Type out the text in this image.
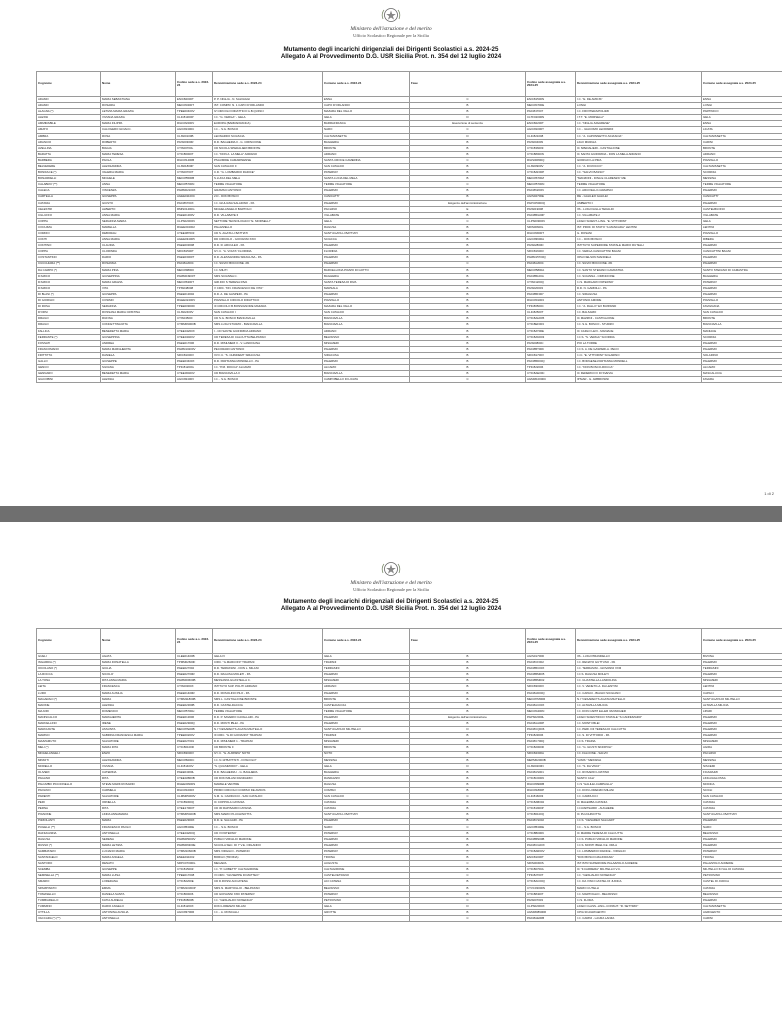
Ministero dell'istruzione e del merito
Ufficio Scolastico Regionale per la Sicilia
Mutamento degli incarichi dirigenziali dei Dirigenti Scolastici a.s. 2024-25
Allegato A al Provvedimento D.G. USR Sicilia Prot. n. 354 del 12 luglio 2024
Cognome	Nome	Codice sede a.s. 2023-24	Denominazione sede a.s. 2023-24	Comune sede a.s. 2023-24	Fase	Codice sede assegnata a.s. 2024-25	Denominazione sede assegnata a.s. 2024-25	Comune sede assegnata a.s. 2024-25
ADAMO	MARIA SEBASTIANA	ENIC82000T	P. P. NIGLIA - N. SALVAGGI	ENNA	C	ENIC81500N	I.C. "E. DE AMICIS"	ENNA
ADAMO	ROSARIA	MEIC83400T	IST. COMPR. N. 1 CAPO D'ORLANDO	CAPO D'ORLANDO	B	MEIC84700E	LONGI	LONGI
ALAGNA (*)	LETIZIA MARIA GRAZIA	TPEE00400V	IV CIRCOLO DIDATTICO G.B.QUINCI	MAZARA DEL VALLO	B	PAIC847007	I.C. FRIVITERA/POLIZZI	PARTINICO
ALESSI	VIVIANA GRAZIA	CLIC81300P	I.C. "G. VERGA" - GELA	GELA	D	CLTF02000N	I.T.T. "E. MORSELLI"	GELA
AMMIRABILE	MARIA FILIPPA	RGIC82200V	EUROPA (BARRAFRANCA)	BARRAFRANCA	Esecuzione di sentenza	ENIC82200T	I.C. "NIGLIA-SAVARESE"	ENNA
AMATO	CALOGERO GIOACC.	AGIC81300C	I.C. - S.G. BOSCO	NARO	C	AGIC81000T	I.C. - GIACOMO LEOPARDI	LICATA
AMBRA	ROSA	CLIS00100B	LEONARDO SCIASCIA	CALTANISSETTA	D	CLIC821008	I.C. "A. CAPONNETTO-SCIASCIA"	CALTANISSETTA
ARANCIO	ROBERTO	PAIS00300R	D.D. BAGHERIA II - G. CIRINCIONE	BAGHERIA	B	PAIS004009	LIGO MURGIA	CARINI
AVELLINA	BIAGIA	CTIS00700L	CD NICOLA SPEDALIERI BRONTE	BRONTE	B	CTIC836009	IC SPEDALIERI - CASTIGLIONE	BRONTE
BARATTA	MARIA TERESA	CTIC86000T	I.C. "DON A. LA MELA" ADRANO	ADRANO	B	CTIC88000N	IC SANTA GIUFFRIDA - DON LA MELA ADRANO	ADRANO
BARBERA	PAOLA	RGIC81400B	PSAUMIDE CAMARINENSE	SANTA CROCE CAMERINA	C	RGIS00800Q	GIORGIO LA PIRA	POZZALLO
BELVEDERE	ALESSANDRA	CLIS01800P	SAN CATALDO II	SAN CATALDO	B	CLIS00900V	I.C. "A. DI ROCCO"	CALTANISSETTA
BONIFACE (*)	VALERIA MARIA	CTIS00700T	C.D. "G. LOMBARDO RADICE"	PATERNO'	B	CTIC8AF00P	I.C. "SALVO BASSO"	SCORDIA
BONARDELLI	MICHELE	MEIC85500B	S.LUCIA DEL MELA	SANTA LUCIA DEL MELA	B	MEIC86700Z	"MANZONI - DINA E CLARENZA" ME	MESSINA
CALABRO' (**)	ANNA	MEIC85700N	TERME VIGLIATORE	TERME VIGLIATORE	C	MEIC85700N	TERME VIGLIATORE	TERME VIGLIATORE
CALECA	VINCENZA	PAMM02100X	GRAMSCI ANTONIO	PALERMO	B	PAIC86200N	I.C. ARCIVELLO-GRAMSCI	PALERMO
CARTELLA	GIUSEPPA	AGEE01100C	2.D - DON BOSCO	CANICATTI'	B	AGIS02700E	RE - GALILEO GALILEI	CANICATTI'
CATANIA	GIUSTO	PAIC86700X	I.C. GIULIANA SALADINO - PA	PALERMO	Esigenze dell'amministrazione	PAPC05000Q	UMBERTO I	PALERMO
CELESTRI	ALBERTO	RMIS01400G	MICHELANGELO BARTOLO	PACHINO	E	PAIS019008	IIS - LUIGI FAILLA TEDALDI	CASTELBUONO
CILLUFFO	ANNA MARIA	PAEE01300V	D.D. VILLABATE II	VILLABATE	B	PAIC8BG00P	I.C. VILLABATE 2	VILLABATE
COPPA	SERAFINA MARIA	CLPS02000N	SETTORE TECNOLOGICO "E. MORSELLI"	GELA	C	CLPS00900N	LICEO SCIENT.-LING. "E. VITTORINI"	GELA
COCUZZA	MARIELLA	RGEE004002	PALAZZELLO	RAGUSA	B	SRIS00600L	IST. PROF. DI STATO "A.MANCADA" LENTINI	LENTINI
CORDIO	DEBORAH	CTEE087003	CD S. AGATA LI BATTIATI	SANT'AGATA LI BATTIATI	B	RGIC83000T	G. ROSANI	POZZALLO
CONTI	ANNA MARIA	AGEE034005	DD CIRCOLO - GIOVANNI XXIII	SCIACCA	B	AGIC83600A	I.C. - DON BOSCO	RIBERA
CONTINO	CLAUDIA	PAEE003008	D.D. R. ARCULEO - PA	PALERMO	B	PAIS02800D	ISTITUTO SUPERIORE STATALE MARIO RUTELLI	PALERMO
COPPA	CLORINDA	SRIC81500T	IV I.C. "A. VOLTA" FLORIDIA	FLORIDIA	B	SRIC816003	I.C. VERGA CANICATTINI BAGNI	CANICATTINI BAGNI
COSTANTINO	DARIO	PAEE03000T	D.D. ALESSANDRA SIRAGUSA - PA	PALERMO	B	PAMM15700Q	OPAI NELSON MANDELA	PALERMO
CUCCHIARA (**)	ROSANNA	PAIC8A2004	I.C. SILVIO BOCCONE -PA	PALERMO	C	PAIC8A2004	I.C. SILVIO BOCCONE -PA	PALERMO
DA CAMPO (*)	MARIA PINA	MEIC898000	I.C. MILITI	BARCELLONA POZZO DI GOTTO	B	MEIC85800A	I.C. SANTO STEFANO CAMASTRA	SANTO STEFANO DI CAMASTRA
D'AMICO	GIUSEPPINA	PAMM04900T	SMS SCIANNA C.	BAGHERIA	B	PAIC8BL00A	I.C. SCIANNA - CIRINCIONE	BAGHERIA
D'AMICO	MARIA GRAZIA	MEIC86300T	IHR.DIO S.TERESA RIVA	SANTA TERESA DI RIVA	B	CTIS01200Q	I.I.S. MARGARO PATERNO'	PATERNO'
D'AMICO	VITA	TPIS048008	V CIRC. "DN. FRANCESCO DE VITA"	MARSALA	B	PAIS020003	D.D. N. GARDILLI - PA	PALERMO
DI BLASI (*)	GIUSEPPA	PAEE013002	D.D. A. DE GASPERI - PA	PALERMO	B	PAIC8BF007	I.C. SIRAGUSA	PALERMO
DI GIORGIO	COSIMO	RGEE02400V	POZZALLO CIRCOLO DIDATTICO	POZZALLO	B	RGIC801003	ANTONIO AMORE	POZZALLO
DI ROSA	SERAFINA	TPEE00900D	III CIRCOLO B.BONSIGNORE MAZARA	MAZARA DEL VALLO	B	TPIC80500C	I.C. "A. RALLO" EX B.RIPAND	FAVIGNANA
D'ORSI	ROSSANA MARIA CRISTINA	CLIS02400V	SAN CATALDO I	SAN CATALDO	B	CLIC82500T	I.C. BALSAMO	SAN CATALDO
DRAGO	RUFINA	CTIS04500I	CD S.G. BOSCO BIANCAVILLA	BIANCAVILLA	B	CTIC8AH005	IC MAZZINI - CASTIGLIONE	BRONTE
DRAGO	CONCETTINA RITA	CTMM09000B	SMS LUIGI STURZO - BIANCAVILLA	BIANCAVILLA	B	CTIC8EF003	I.C. S.G. BOSCO - STURZO	BIANCAVILLA
FALLICA	BENEDETTA MARIA	CTEE04200X	I - CD SANTE GIUFFRIDA ADRANO	ADRANO	B	CTIC8AT00E	IC CARLO LEVI - MANIACE	MANIACE
FERRANTE (*)	GIUSEPPINA	CTEE04400V	CD TERESA DI CALCUTTA BELPASSO	BELPASSO	B	CTIC8AN003	I.C.S. "S. VERGA" SCORDIA	SCORDIA
FOSSATI	ANDREA	PAEE017006	D.D. MISILMERI II - V. LANDOLINA	MISILMERI	B	PAIS00800C	PIO LA TORRE	PALERMO
FRANCOMANO	MARIA MARGHERITA	PAMM10200V	PECORARO ANTONIO	PALERMO	B	PAIC8BT009	I.C.S. A. DE GASPERI-A. PECO	PALERMO
FRITTITTA	DANIELA	SRIC81000V	XVI I.C. "S. CHINDEMI" SIRACUSA	SIRACUSA	B	SRIC81700V	I.I.C. "E. VITTORINI" SOLARINO	SOLARINO
GALLO	GIUSEPPE	PAEE03400X	D.D. PARTANNA MONDELLO - PA	PALERMO	B	PAIC8BD00Q	I.C. BORGESE-PARTANNA MONDELL	PALERMO
GENCO	SILVANA	TPIC81200G	I.C. "P.M. ROCCA" ALCAMO	ALCAMO	B	TPIC822006	I.C. "DON BOSCO-ROCCA"	ALCAMO
GENNARO	BENEDETTA MARIA	CTEE06400V	CD BIANCAVILLA II	BIANCAVILLA	B	CTIC8AE00C	IC FEDERICO II DI SVEVIA	MASCALUCIA
GIACOBINI	ALESSIA	AGIC82400V	I.C. - S.G. BOSCO	CAMPOBELLO DI LICATA	C	AGMM10000C	IPSIAR - G. AMBROSINI	FAVARA
1 di 2
Ministero dell'istruzione e del merito
Ufficio Scolastico Regionale per la Sicilia
Mutamento degli incarichi dirigenziali dei Dirigenti Scolastici a.s. 2024-25
Allegato A al Provvedimento D.G. USR Sicilia Prot. n. 354 del 12 luglio 2024
Cognome	Nome	Codice sede a.s. 2023-24	Denominazione sede a.s. 2023-24	Comune sede a.s. 2023-24	Fase	Codice sede assegnata a.s. 2024-25	Denominazione sede assegnata a.s. 2024-25	Comune sede assegnata a.s. 2024-25
GUELI	AGATA	CLEE01400B	GELA IV	GELA	B	AGIS01700D	IIS - LUIGI PIRANDELLO	BIVONA
INGARDIA (*)	MARIA DONATELLA	TPMM02600F	CIRC. "G.MARCONI" TRAPANI	TRAPANI	B	PAIC8CF002	I.C. RENATO GUTTUSO - PA	PALERMO
IOCOLANO (*)	GIULIA	PAEE027002	D.D. TERRASINI - DON L. MILANI	TERRASINI	B	PAIC8BC00X	I.C. TERRASINI - GIOVANNI XXIII	TERRASINI
LA ROCCA	NICOLO'	PAEE02700R	D.D. RAGUSA MOLETI - PA	PALERMO	B	PAIC8BM005	I.C.S. RAGUSA MOLETI	PALERMO
LA TONA	RITA ANNA MARIA	PAMM00600B	MESSANNI-GUASTELLA C.	MISILMERI	B	PAIC8BM002	I.C. GUASTELLA-LANDOLINA	MISILMERI
LEITA	FRANCESCA	CTIS00300X	ISTITUTO SUP. POLITI ADRANO	ADRANO	B	SRIC83000X	I.C. V. VENETO-A. DA LENTINI	LENTINI
LURO	MARIA AUSILIA	PAEE01400R	D.D. ROSOLINO PILO - PA	PALERMO	B	PAIC8AD00Q	I.C. CAPACI - BIAGIO SICILIANO	CAPACI
MAGARACI (*)	MARIA	CTMM11800B	SMS L. CASTIGLIONE BRONTE	BRONTE	B	MEIC87M00R	N.I "CESAREO"S.AGATA MILITELLO	SANT'AGATA DI MILITELLO
MAIONE	ALESSIA	PAEE02300B	D.D. CASTELDACCIA	CASTELDACCIA	B	PAIC8AC00X	I.C. ALTAVILLA MILICIA	ALTAVILLA MILICIA
MAJURI	DOMENICO	MEIC85700H	TERME VIGLIATORE	TERME VIGLIATORE	B	MEIC84400N	I.C. DON CAPPI ELLER VANNICHER	LIPARI
MANISCALCO	MARGHERITA	PAEE013006	D.D. P. SAVERIO CAVALLARI - PA	PALERMO	Esigenze dell'amministrazione	PAPS02000L	LICEO SCIENTIFICO STATALE "S.CANNIZZARO"	PALERMO
MARCELLINO	IRENE	PAEE02900Q	D.D. MONTI IBLEI - PA	PALERMO	B	PAIC8AA00P	I.C. MONTI IBLEI	PALERMO
MARCIANTE	ASSUNTA	MEIC87E00B	N.I "CESAREO"S.AGATA MILITELLO	SANT'AGATA DI MILITELLO	D	PAIC8CQ006	I.C. PERI.I DI TERESA DI CALCUTTA	PALERMO
MARINO	SABRINA FRANCESCA MARIA	TPEE00200V	III CIRC. "G.DI GIOVANNI" TRAPANI	TRAPANI	B	TPIC823006	I.C. S. DI VITTORIO - PA	PALERMO
MAZZAMUTO	SALVATORE	PAEE027001	D.D. MISILMERI 1 - TRAPANI	MISILMERI	B	PAIC8C700Q	I.C.S. TRAINA	MISILMERI
MELI (*)	MARIA RITA	CTIC80100R	CD BRONTE II	BRONTE	B	CTIC82000R	I.C. "G. GIUSTI SINOPOLI"	AGIRA
MICHELANGELI	ENZO	SRIC83000V	IV I.C. "G. AURISPA" NOTO	NOTO	B	SRIC84300A	I.C. FALCONE - SALVO	PACHINO
MINNITI	ALESSANDRA	MEIC88200C	I.C. N.13"BATTISTI - FOSCOLO"	MESSINA	B	MEPM02000B	"AINIS " MESSINA	MESSINA
MORELLO	VIVIANA	CLIC81400V	"S. QUASIMODO" - GELA	GELA	D	CLIS00200N	I.C. "S. DA VINCI"	NISCEMI
OLIVERI	CATERINA	PAEE04300L	D.D. BAGHERIA I - G. BAGHERA	BAGHERIA	B	PAIC8AS001	I.C. ROSARIO LIVATINO	FICARAZZI
PAGANO	RITA	CTEE02800B	CD DON MILANI RANDAZZO	RANDAZZO	B	CTIC8C0009	SANTO CALI'	LINGUAGLOSSA
PALUMBO PICCIONELLO	STEVE MARK ROSARIO	RGEE00900S	MARIELE VENTRE	RAGUSA	B	RGIC80900B	I.I.S "GALILEI-CAMPAILLA"	MODICA
PAOLINO	CARMELA	RGIC81000X	PRIMO CIRCOLO COMISO DE AMICIS	COMISO	B	RGIC81800P	I.C. DON LORENZO MILANI	SCICLI
PARENTI	SALVATORE	CLMM05000V	S.M. G. CARDUCCI - SAN CATALDO	SAN CATALDO	C	CLIC816003	I.C. CARDUCCI	SAN CATALDO
PERI	ORNELLA	CTIC89300Q	IC COPPOLA CATANIA	CATANIA	B	CTIC8AB004	IC MALERBA CATANIA	CATANIA
PERNA	RITA	CTEE17000T	CD 30 RAPISARDI CATANIA	CATANIA	B	CTIC81900P	I.C.RAPISARDI - AUGHERE	CATANIA
PIGNONE	LINDA ANNAMARIA	CTMM05400B	SMS MARIO PLUCHINOTTA	SANT'AGATA LI BATTIATI	B	CTIC86100Q	IC PLUCHINOTTA	SANT'AGATA LI BATTIATI
PIZZOLANTI	MARIA	PAEE02900X	D.D. E. SALGARI - PA	PALERMO	B	PAIC8CS002	I.C.S. "CESAREO SALGARI"	PALERMO
PUGELLI (**)	FRANCESCO PAOLO	AGIC85300E	I.C. - S.G. BOSCO	NARO	C	AGIC85300E	I.C. - S.G. BOSCO	NARO
RAFFAGNINA	ANTONELLA	CTEE04200Q	CD VI PATERNO'	PATERNO'	B	CTIC8B0009	IC MADRE TERESA DI CALCUTTA	BELPASSO
RAGUSA	SERENA	PAMM05000V	PUBLIO VIRGILIO MARONE	PALERMO	B	PAIC8BN00B	I.C.S. PUBLIO VIRGILIO MARONE	PALERMO
RUSSO (*)	MARIA LETIZIA	PAMM06300E	SCUOLA SEC. DI I° V.E. ORLANDO	PALERMO	B	PAIC8CG00X	I.C.S. MONTI IBLEI-V.E. ORLA	PALERMO
SAMBATARO	LUCIANO MARIA	CTMM10600B	SMS VIRGILIO - PATERNO	PATERNO'	B	CTIC8AR00V	I.C. LOMBARDO RADICE - VIRGILIO	PATERNO'
SANTANGELO	MARIA ANGELA	ENEE011002	BORGO (TROINA)	TROINA	B	ENIC81000T	"DON BOSCO-MAJORANA"	TROINA
SANTORO	RENATO	SRPC07000G	MEGARA	AUGUSTA	C	SRIS00300S	IST.ISTR.SUPERIORE PALAZZOLO ACREIDE	PALAZZOLO ACREIDE
SCEMBA	GIUSEPPE	CTIC81500Z	I.C. "P. GOBETTI" CALTAGIRONE	CALTAGIRONE	B	CTIC80700A	IC "F.CARRERA" MILITELLO V.C.	MILITELLO IN VAL DI CATANIA
SEMINELLA (**)	MARIA LUISA	TPEE017008	VI CIRC. "GIUSEPPE DI MATTEO"	CASTELVETRANO	C	TPIC82700T	I.C. "GESUALDO NOSENGO"	PETROSINO
SMARIO	LOREDANA	CTIC82200E	CD D.ROSSI ACICATENA	ACI CATENA	B	CTIC8AC00Q	I.C. DA VINCI CASTEL DI JUDICA	CASTEL DI JUDICA
SPAMPINATO	EMMA	CTMM10300P	SMS N. MARTOGLIO - BELPASSO	BELPASSO	B	CTVC03000N	MARIO CUTELLI	CATANIA
TOMASELLO	DANIELA SANTA	CTIC860006	CD GIOVANNI XXIII PATERNO'	PATERNO'	B	CTIC88400T	I.C. MARTOGLIO - BELPASSO	BELPASSO
TUMBIARELLO	KATIA AURELIA	TPIC80800B	I.C. "GESUALDO NOSENGO"	PETROSINO	C	PAIS007003	I.I.S. FLORA	PALERMO
TUMMINO	DARIO ANGELO	CLIC81200X	DON LORENZO MILANI	GELA	D	CLPS02000X	LICEO CLASS.-LING.-CONSUT. "R. SETTIMO"	CALTANISSETTA
UTTILLA	ANTONINA AUSILIA	AGIC83700R	I.C. - A. RONCALLI	GROTTE	B	AGMM08900R	CPIA 30 AGRIGENTO	AGRIGENTO
VACCARA (*) (**)	ANTONELLA				C	PAIC8AE00B	I.C. CARINI - LAURA LANZA	CARINI
